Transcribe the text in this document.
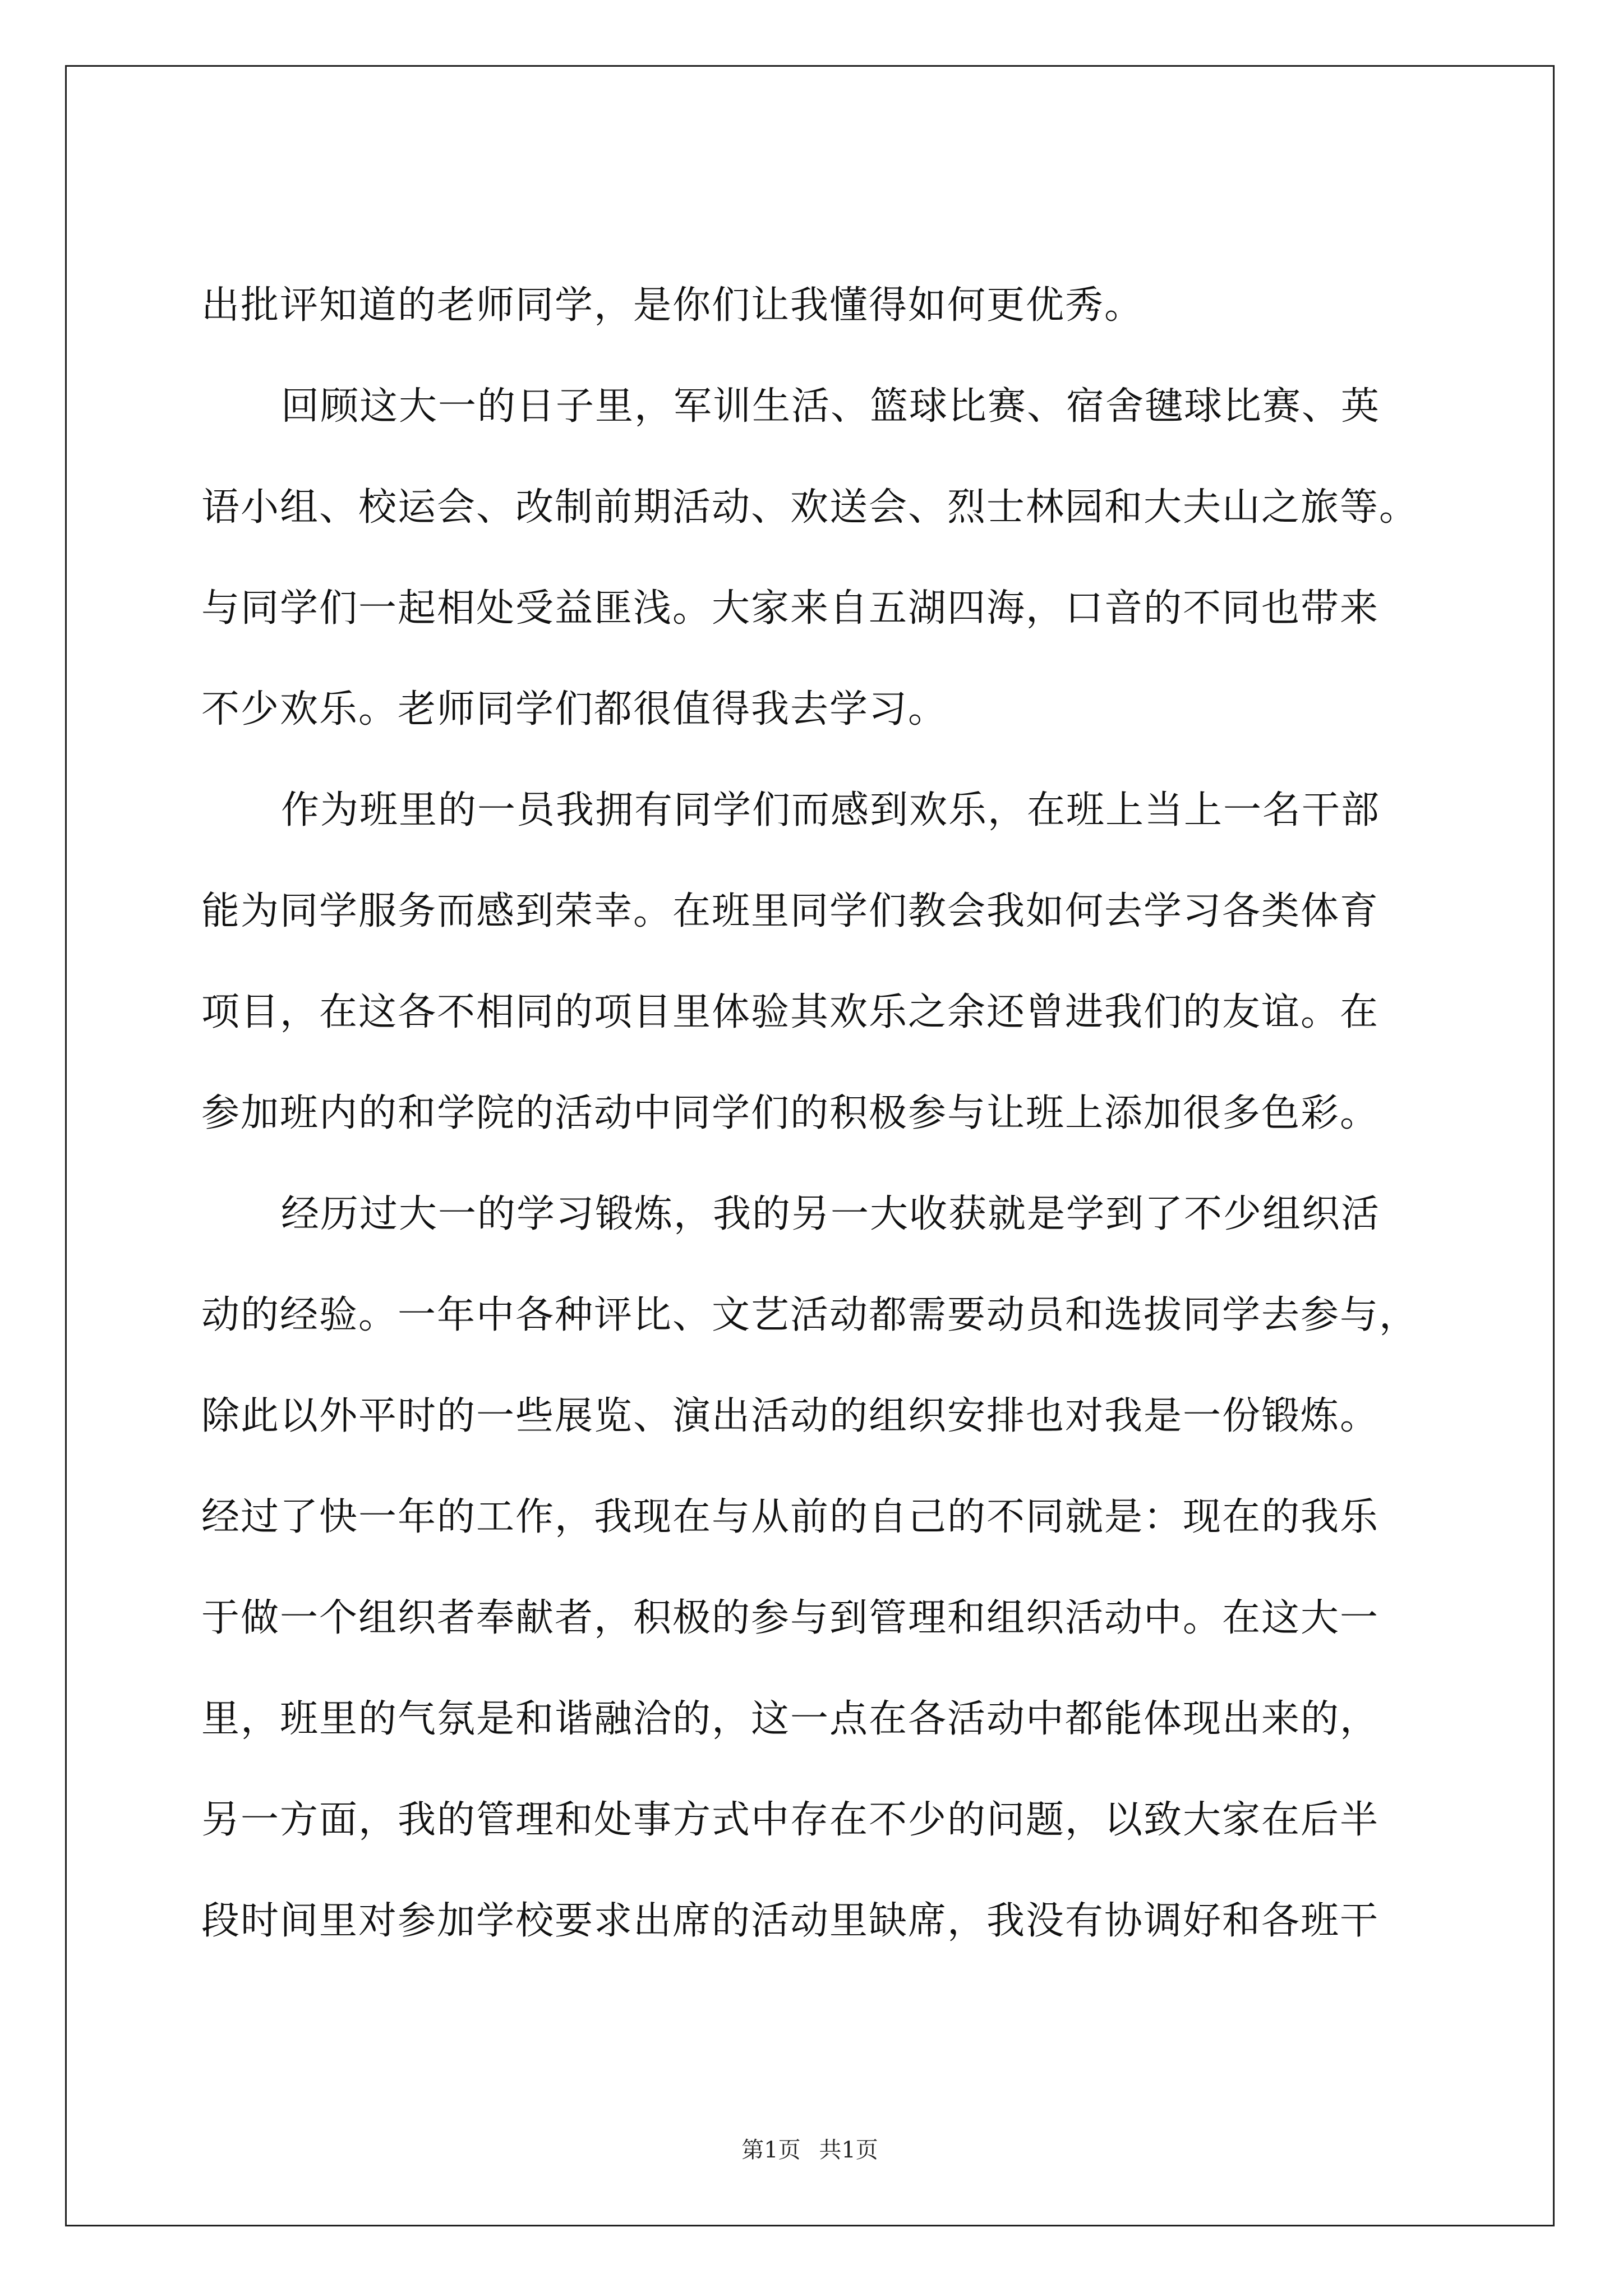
出批评知道的老师同学，是你们让我懂得如何更优秀。
回顾这大一的日子里，军训生活、篮球比赛、宿舍毽球比赛、英
语小组、校运会、改制前期活动、欢送会、烈士林园和大夫山之旅等。
与同学们一起相处受益匪浅。大家来自五湖四海，口音的不同也带来
不少欢乐。老师同学们都很值得我去学习。
作为班里的一员我拥有同学们而感到欢乐，在班上当上一名干部
能为同学服务而感到荣幸。在班里同学们教会我如何去学习各类体育
项目，在这各不相同的项目里体验其欢乐之余还曾进我们的友谊。在
参加班内的和学院的活动中同学们的积极参与让班上添加很多色彩。
经历过大一的学习锻炼，我的另一大收获就是学到了不少组织活
动的经验。一年中各种评比、文艺活动都需要动员和选拔同学去参与，
除此以外平时的一些展览、演出活动的组织安排也对我是一份锻炼。
经过了快一年的工作，我现在与从前的自己的不同就是：现在的我乐
于做一个组织者奉献者，积极的参与到管理和组织活动中。在这大一
里，班里的气氛是和谐融洽的，这一点在各活动中都能体现出来的，
另一方面，我的管理和处事方式中存在不少的问题，以致大家在后半
段时间里对参加学校要求出席的活动里缺席，我没有协调好和各班干
第1页 共1页
